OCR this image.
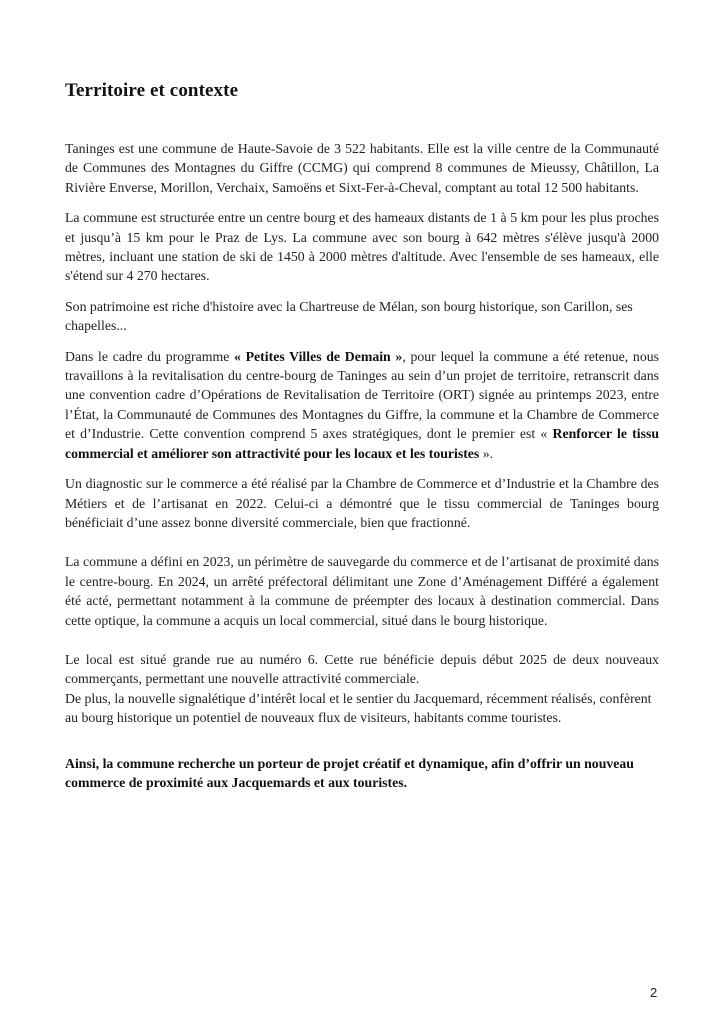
Territoire et contexte

Taninges est une commune de Haute-Savoie de 3 522 habitants. Elle est la ville centre de la Communauté de Communes des Montagnes du Giffre (CCMG) qui comprend 8 communes de Mieussy, Châtillon, La Rivière Enverse, Morillon, Verchaix, Samoëns et Sixt-Fer-à-Cheval, comptant au total 12 500 habitants.

La commune est structurée entre un centre bourg et des hameaux distants de 1 à 5 km pour les plus proches et jusqu’à 15 km pour le Praz de Lys. La commune avec son bourg à 642 mètres s'élève jusqu'à 2000 mètres, incluant une station de ski de 1450 à 2000 mètres d'altitude. Avec l'ensemble de ses hameaux, elle s'étend sur 4 270 hectares.

Son patrimoine est riche d'histoire avec la Chartreuse de Mélan, son bourg historique, son Carillon, ses chapelles...

Dans le cadre du programme « Petites Villes de Demain », pour lequel la commune a été retenue, nous travaillons à la revitalisation du centre-bourg de Taninges au sein d’un projet de territoire, retranscrit dans une convention cadre d’Opérations de Revitalisation de Territoire (ORT) signée au printemps 2023, entre l’État, la Communauté de Communes des Montagnes du Giffre, la commune et la Chambre de Commerce et d’Industrie. Cette convention comprend 5 axes stratégiques, dont le premier est « Renforcer le tissu commercial et améliorer son attractivité pour les locaux et les touristes ».

Un diagnostic sur le commerce a été réalisé par la Chambre de Commerce et d’Industrie et la Chambre des Métiers et de l’artisanat en 2022. Celui-ci a démontré que le tissu commercial de Taninges bourg bénéficiait d’une assez bonne diversité commerciale, bien que fractionné.

La commune a défini en 2023, un périmètre de sauvegarde du commerce et de l’artisanat de proximité dans le centre-bourg. En 2024, un arrêté préfectoral délimitant une Zone d’Aménagement Différé a également été acté, permettant notamment à la commune de préempter des locaux à destination commercial. Dans cette optique, la commune a acquis un local commercial, situé dans le bourg historique.

Le local est situé grande rue au numéro 6. Cette rue bénéficie depuis début 2025 de deux nouveaux commerçants, permettant une nouvelle attractivité commerciale.

De plus, la nouvelle signalétique d’intérêt local et le sentier du Jacquemard, récemment réalisés, confèrent au bourg historique un potentiel de nouveaux flux de visiteurs, habitants comme touristes.

Ainsi, la commune recherche un porteur de projet créatif et dynamique, afin d’offrir un nouveau commerce de proximité aux Jacquemards et aux touristes.

2
